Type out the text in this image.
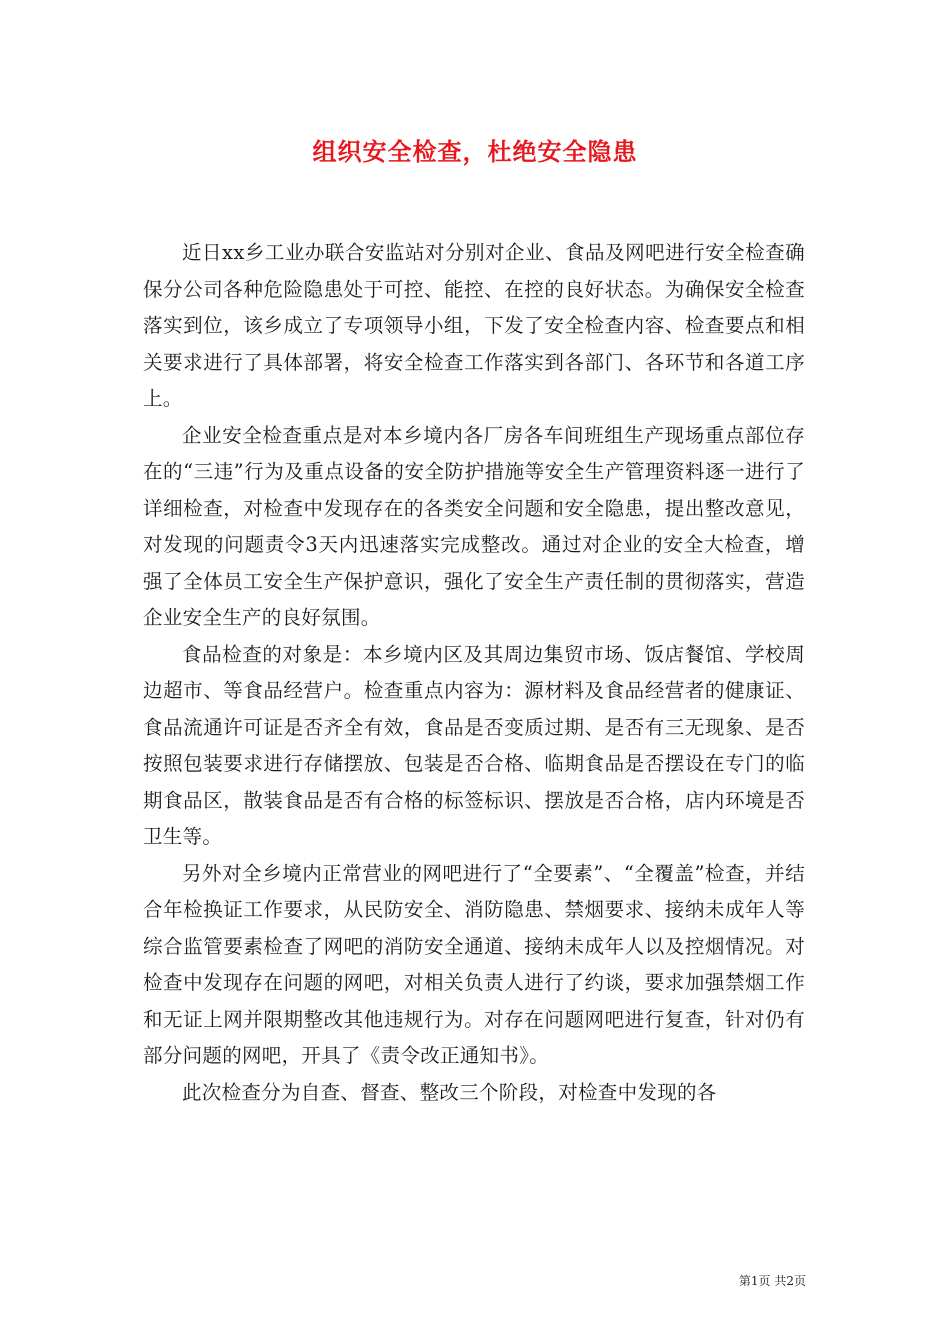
组织安全检查，杜绝安全隐患

近日xx乡工业办联合安监站对分别对企业、食品及网吧进行安全检查确保分公司各种危险隐患处于可控、能控、在控的良好状态。为确保安全检查落实到位，该乡成立了专项领导小组，下发了安全检查内容、检查要点和相关要求进行了具体部署，将安全检查工作落实到各部门、各环节和各道工序上。

企业安全检查重点是对本乡境内各厂房各车间班组生产现场重点部位存在的“三违”行为及重点设备的安全防护措施等安全生产管理资料逐一进行了详细检查，对检查中发现存在的各类安全问题和安全隐患，提出整改意见，对发现的问题责令3天内迅速落实完成整改。通过对企业的安全大检查，增强了全体员工安全生产保护意识，强化了安全生产责任制的贯彻落实，营造企业安全生产的良好氛围。

食品检查的对象是：本乡境内区及其周边集贸市场、饭店餐馆、学校周边超市、等食品经营户。检查重点内容为：源材料及食品经营者的健康证、食品流通许可证是否齐全有效，食品是否变质过期、是否有三无现象、是否按照包装要求进行存储摆放、包装是否合格、临期食品是否摆设在专门的临期食品区，散装食品是否有合格的标签标识、摆放是否合格，店内环境是否卫生等。

另外对全乡境内正常营业的网吧进行了“全要素”、“全覆盖”检查，并结合年检换证工作要求，从民防安全、消防隐患、禁烟要求、接纳未成年人等综合监管要素检查了网吧的消防安全通道、接纳未成年人以及控烟情况。对检查中发现存在问题的网吧，对相关负责人进行了约谈，要求加强禁烟工作和无证上网并限期整改其他违规行为。对存在问题网吧进行复查，针对仍有部分问题的网吧，开具了《责令改正通知书》。

此次检查分为自查、督查、整改三个阶段，对检查中发现的各

第1页 共2页
